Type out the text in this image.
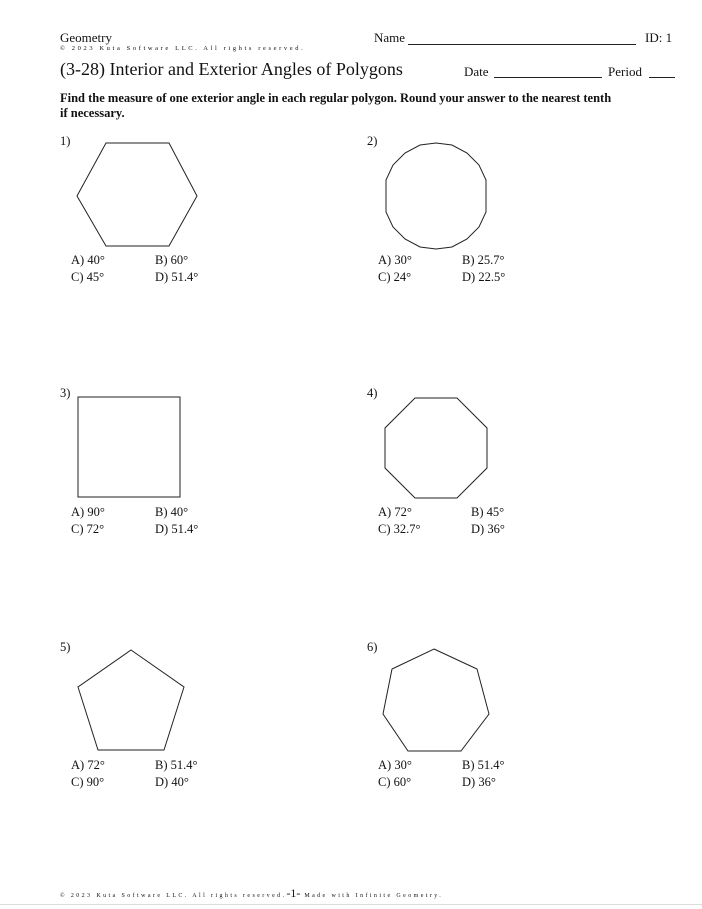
Geometry
© 2023 Kuta Software LLC. All rights reserved.
(3-28) Interior and Exterior Angles of Polygons
Name	ID: 1
Date	Period
Find the measure of one exterior angle in each regular polygon. Round your answer to the nearest tenth if necessary.
1)
A) 40°	B) 60°
C) 45°	D) 51.4°
2)
A) 30°	B) 25.7°
C) 24°	D) 22.5°
3)
A) 90°	B) 40°
C) 72°	D) 51.4°
4)
A) 72°	B) 45°
C) 32.7°	D) 36°
5)
A) 72°	B) 51.4°
C) 90°	D) 40°
6)
A) 30°	B) 51.4°
C) 60°	D) 36°
© 2023 Kuta Software LLC. All rights reserved.-1- Made with Infinite Geometry.
